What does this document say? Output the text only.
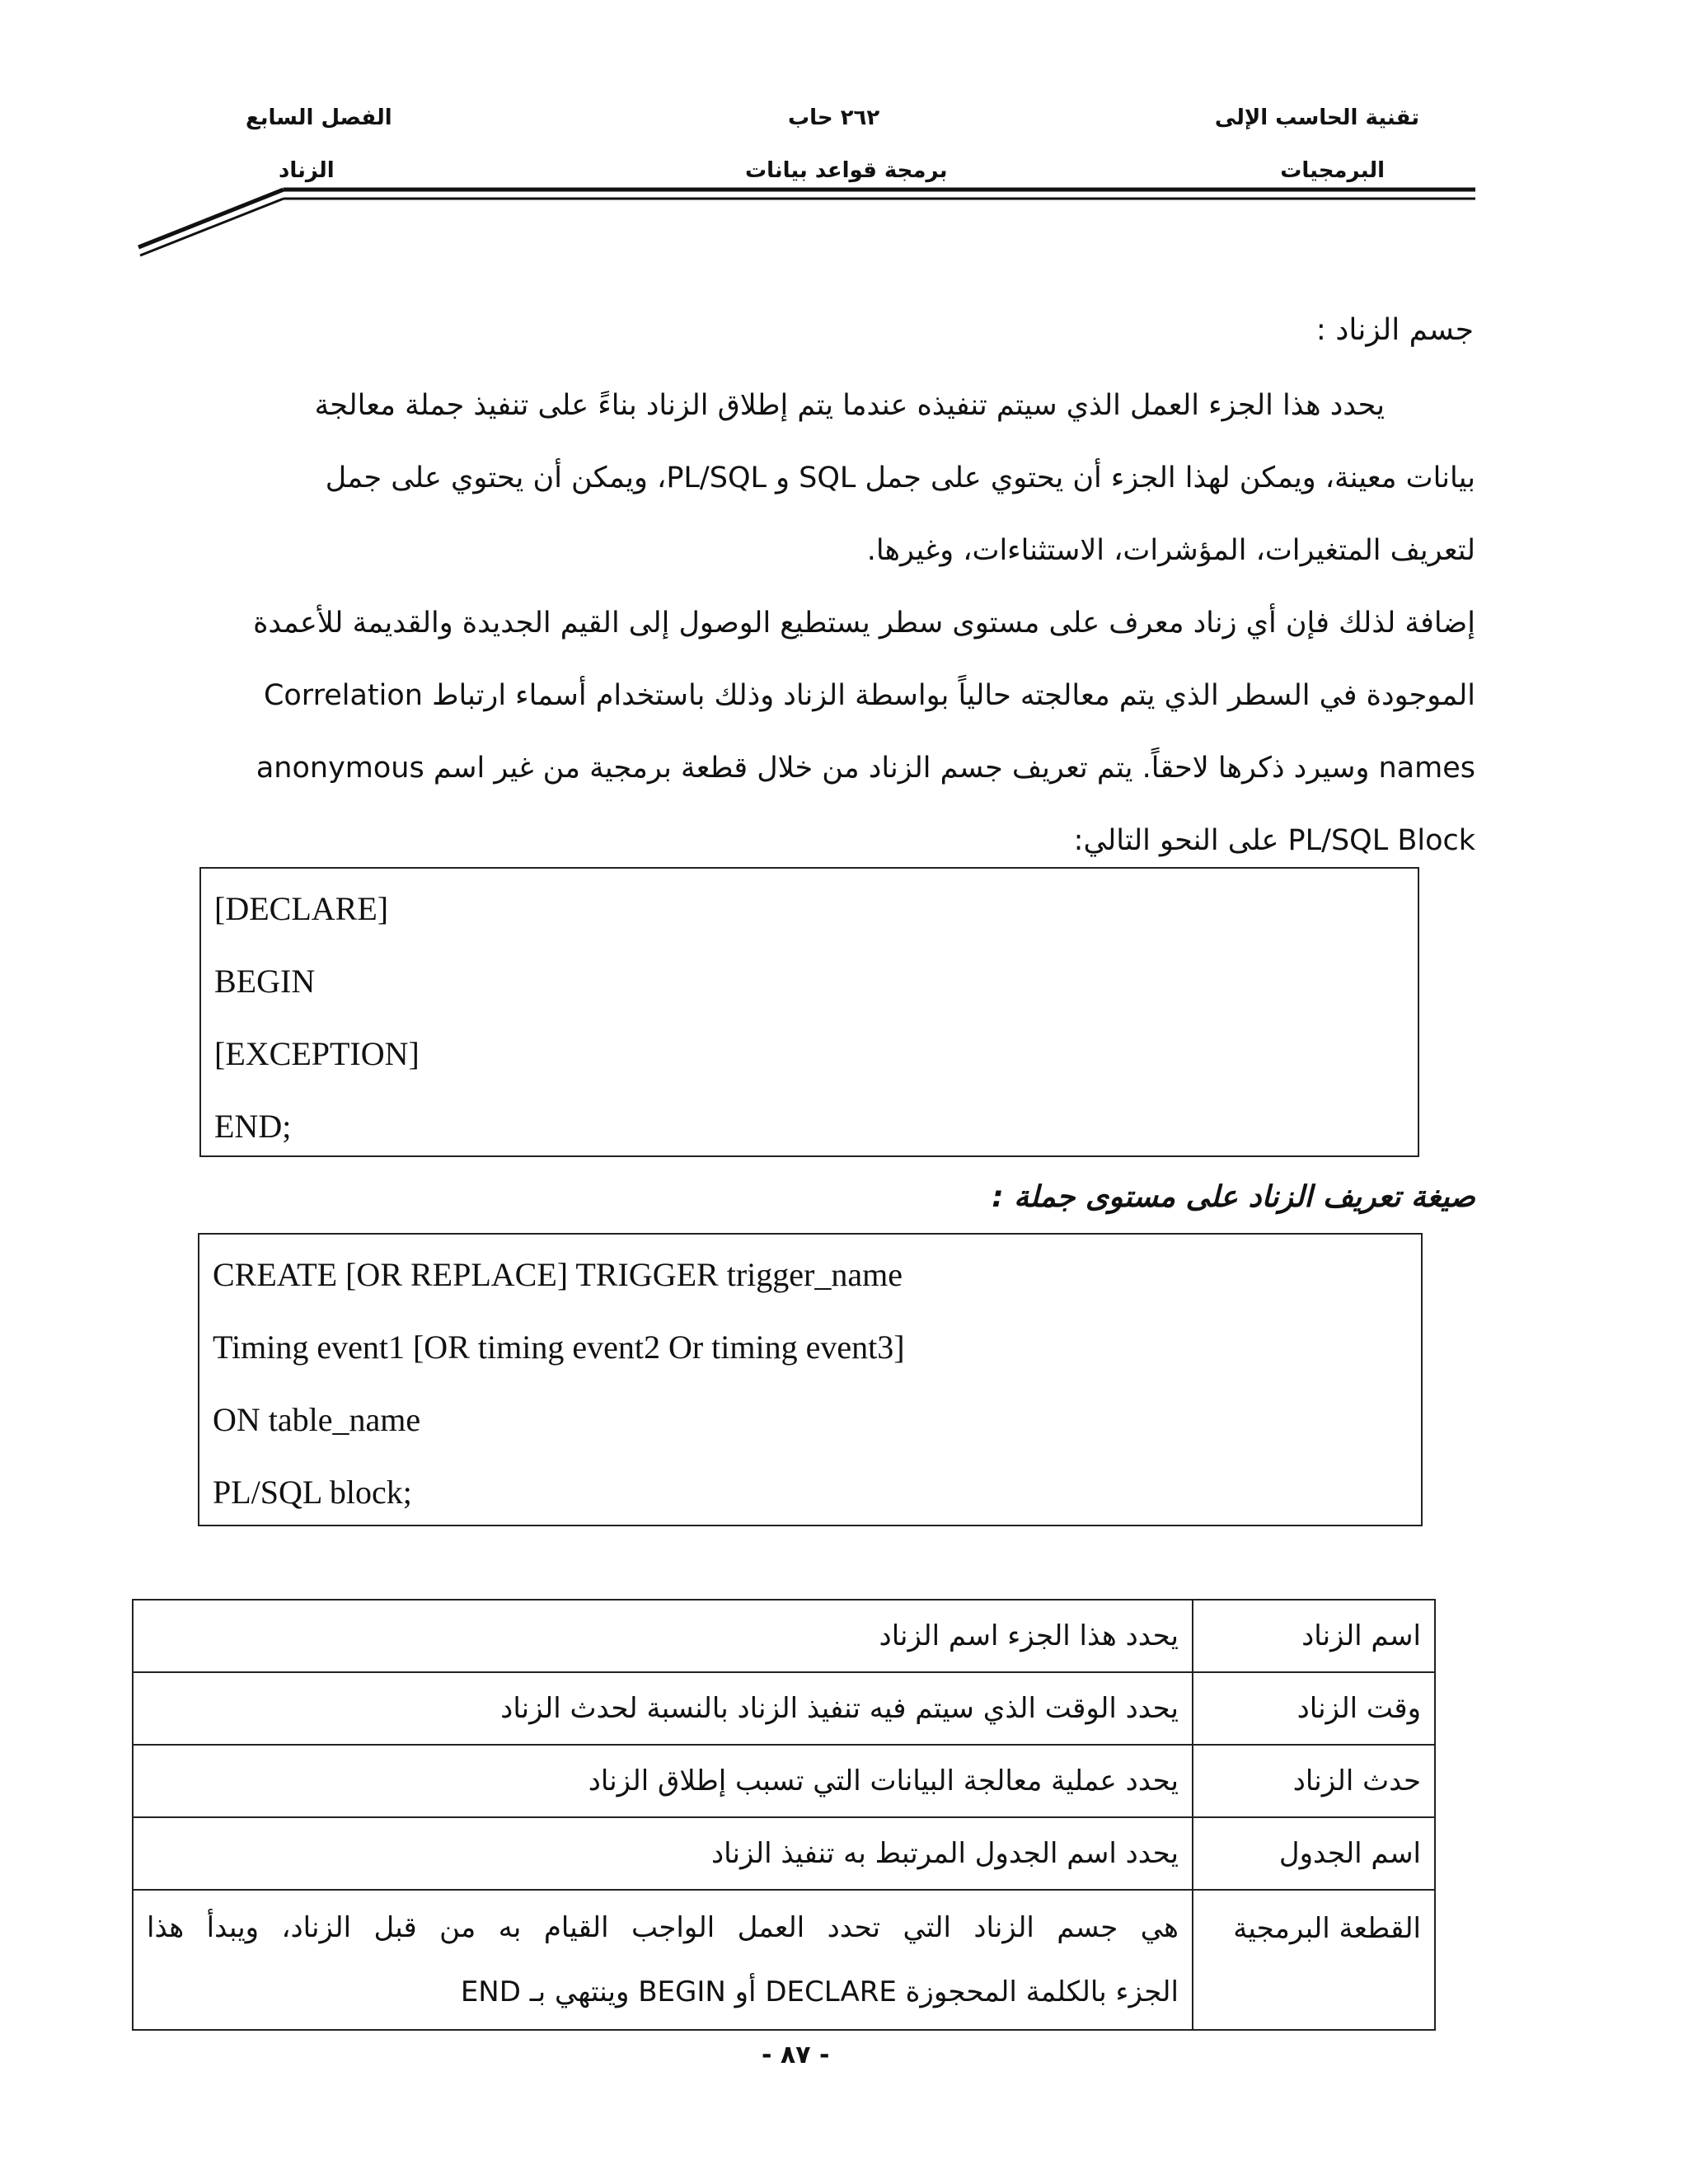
تقنية الحاسب الإلى
البرمجيات
٢٦٢ حاب
برمجة قواعد بيانات
الفصل السابع
الزناد
جسم الزناد :
يحدد هذا الجزء العمل الذي سيتم تنفيذه عندما يتم إطلاق الزناد بناءً على تنفيذ جملة معالجة
بيانات معينة، ويمكن لهذا الجزء أن يحتوي على جمل SQL و PL/SQL، ويمكن أن يحتوي على جمل
لتعريف المتغيرات، المؤشرات، الاستثناءات، وغيرها.
إضافة لذلك فإن أي زناد معرف على مستوى سطر يستطيع الوصول إلى القيم الجديدة والقديمة للأعمدة
الموجودة في السطر الذي يتم معالجته حالياً بواسطة الزناد وذلك باستخدام أسماء ارتباط Correlation
names وسيرد ذكرها لاحقاً. يتم تعريف جسم الزناد من خلال قطعة برمجية من غير اسم anonymous
PL/SQL Block على النحو التالي:
[DECLARE]
BEGIN
[EXCEPTION]
END;
صيغة تعريف الزناد على مستوى جملة :
CREATE [OR REPLACE] TRIGGER trigger_name
Timing event1 [OR timing event2 Or timing event3]
ON table_name
PL/SQL block;
اسم الزناد	يحدد هذا الجزء اسم الزناد
وقت الزناد	يحدد الوقت الذي سيتم فيه تنفيذ الزناد بالنسبة لحدث الزناد
حدث الزناد	يحدد عملية معالجة البيانات التي تسبب إطلاق الزناد
اسم الجدول	يحدد اسم الجدول المرتبط به تنفيذ الزناد
القطعة البرمجية	هي جسم الزناد التي تحدد العمل الواجب القيام به من قبل الزناد، ويبدأ هذا
الجزء بالكلمة المحجوزة DECLARE أو BEGIN وينتهي بـ END
- ٨٧ -
